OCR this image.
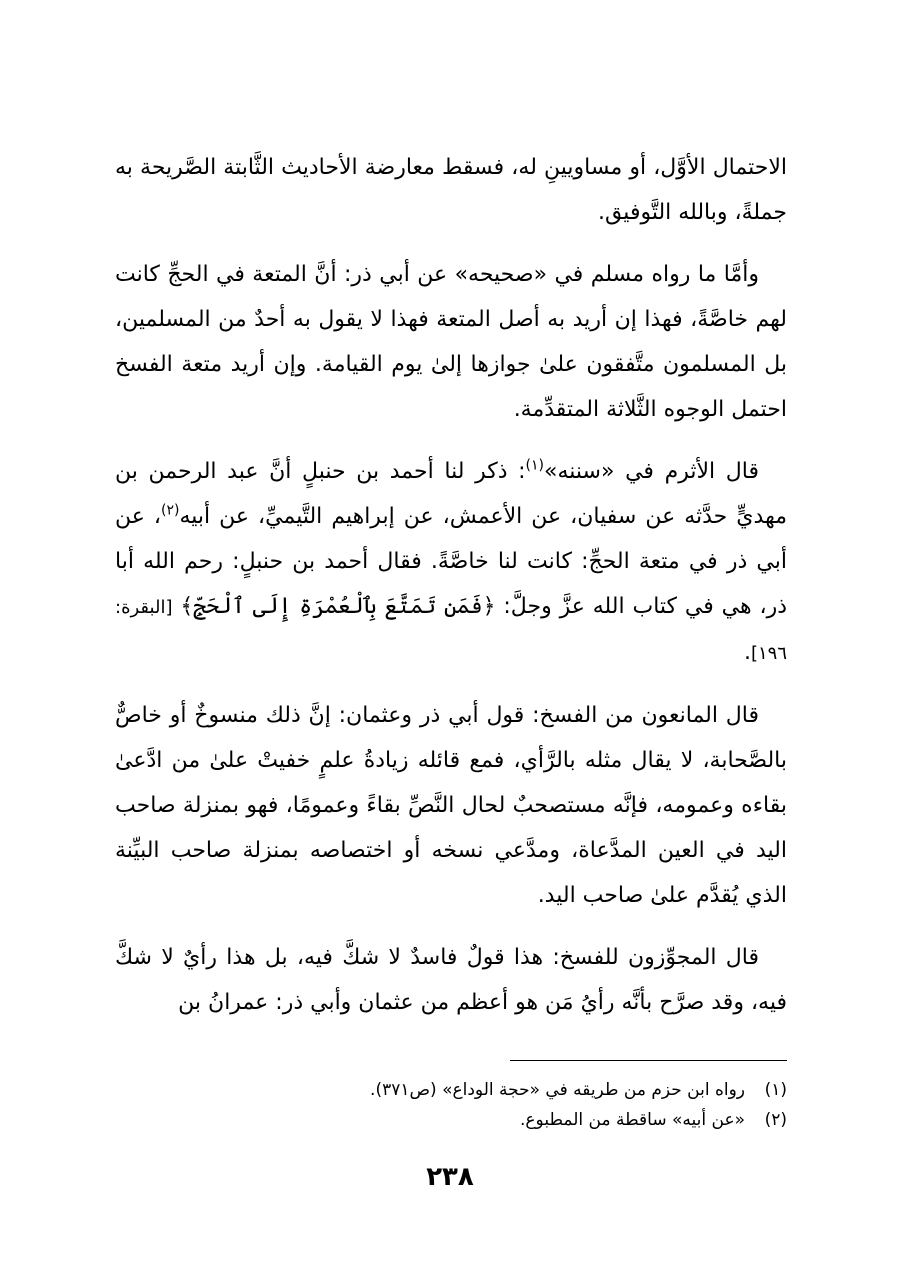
الاحتمال الأوَّل، أو مساويينِ له، فسقط معارضة الأحاديث الثَّابتة الصَّريحة به جملةً، وبالله التَّوفيق.

وأمَّا ما رواه مسلم في «صحيحه» عن أبي ذر: أنَّ المتعة في الحجِّ كانت لهم خاصَّةً، فهذا إن أريد به أصل المتعة فهذا لا يقول به أحدٌ من المسلمين، بل المسلمون متَّفقون علىٰ جوازها إلىٰ يوم القيامة. وإن أريد متعة الفسخ احتمل الوجوه الثَّلاثة المتقدِّمة.

قال الأثرم في «سننه»$^{(١)}$: ذكر لنا أحمد بن حنبلٍ أنَّ عبد الرحمن بن مهديٍّ حدَّثه عن سفيان، عن الأعمش، عن إبراهيم التَّيميِّ، عن أبيه$^{(٢)}$، عن أبي ذر في متعة الحجِّ: كانت لنا خاصَّةً. فقال أحمد بن حنبلٍ: رحم الله أبا ذر، هي في كتاب الله عزَّ وجلَّ: ﴿فَمَن تَمَتَّعَ بِٱلْعُمْرَةِ إِلَى ٱلْحَجِّ﴾ [البقرة: ١٩٦].

قال المانعون من الفسخ: قول أبي ذر وعثمان: إنَّ ذلك منسوخٌ أو خاصٌّ بالصَّحابة، لا يقال مثله بالرَّأي، فمع قائله زيادةُ علمٍ خفيتْ علىٰ من ادَّعىٰ بقاءه وعمومه، فإنَّه مستصحبٌ لحال النَّصِّ بقاءً وعمومًا، فهو بمنزلة صاحب اليد في العين المدَّعاة، ومدَّعي نسخه أو اختصاصه بمنزلة صاحب البيِّنة الذي يُقدَّم علىٰ صاحب اليد.

قال المجوِّزون للفسخ: هذا قولٌ فاسدٌ لا شكَّ فيه، بل هذا رأيٌ لا شكَّ فيه، وقد صرَّح بأنَّه رأيُ مَن هو أعظم من عثمان وأبي ذر: عمرانُ بن

(١)رواه ابن حزم من طريقه في «حجة الوداع» (ص٣٧١).

(٢)«عن أبيه» ساقطة من المطبوع.

٢٣٨
